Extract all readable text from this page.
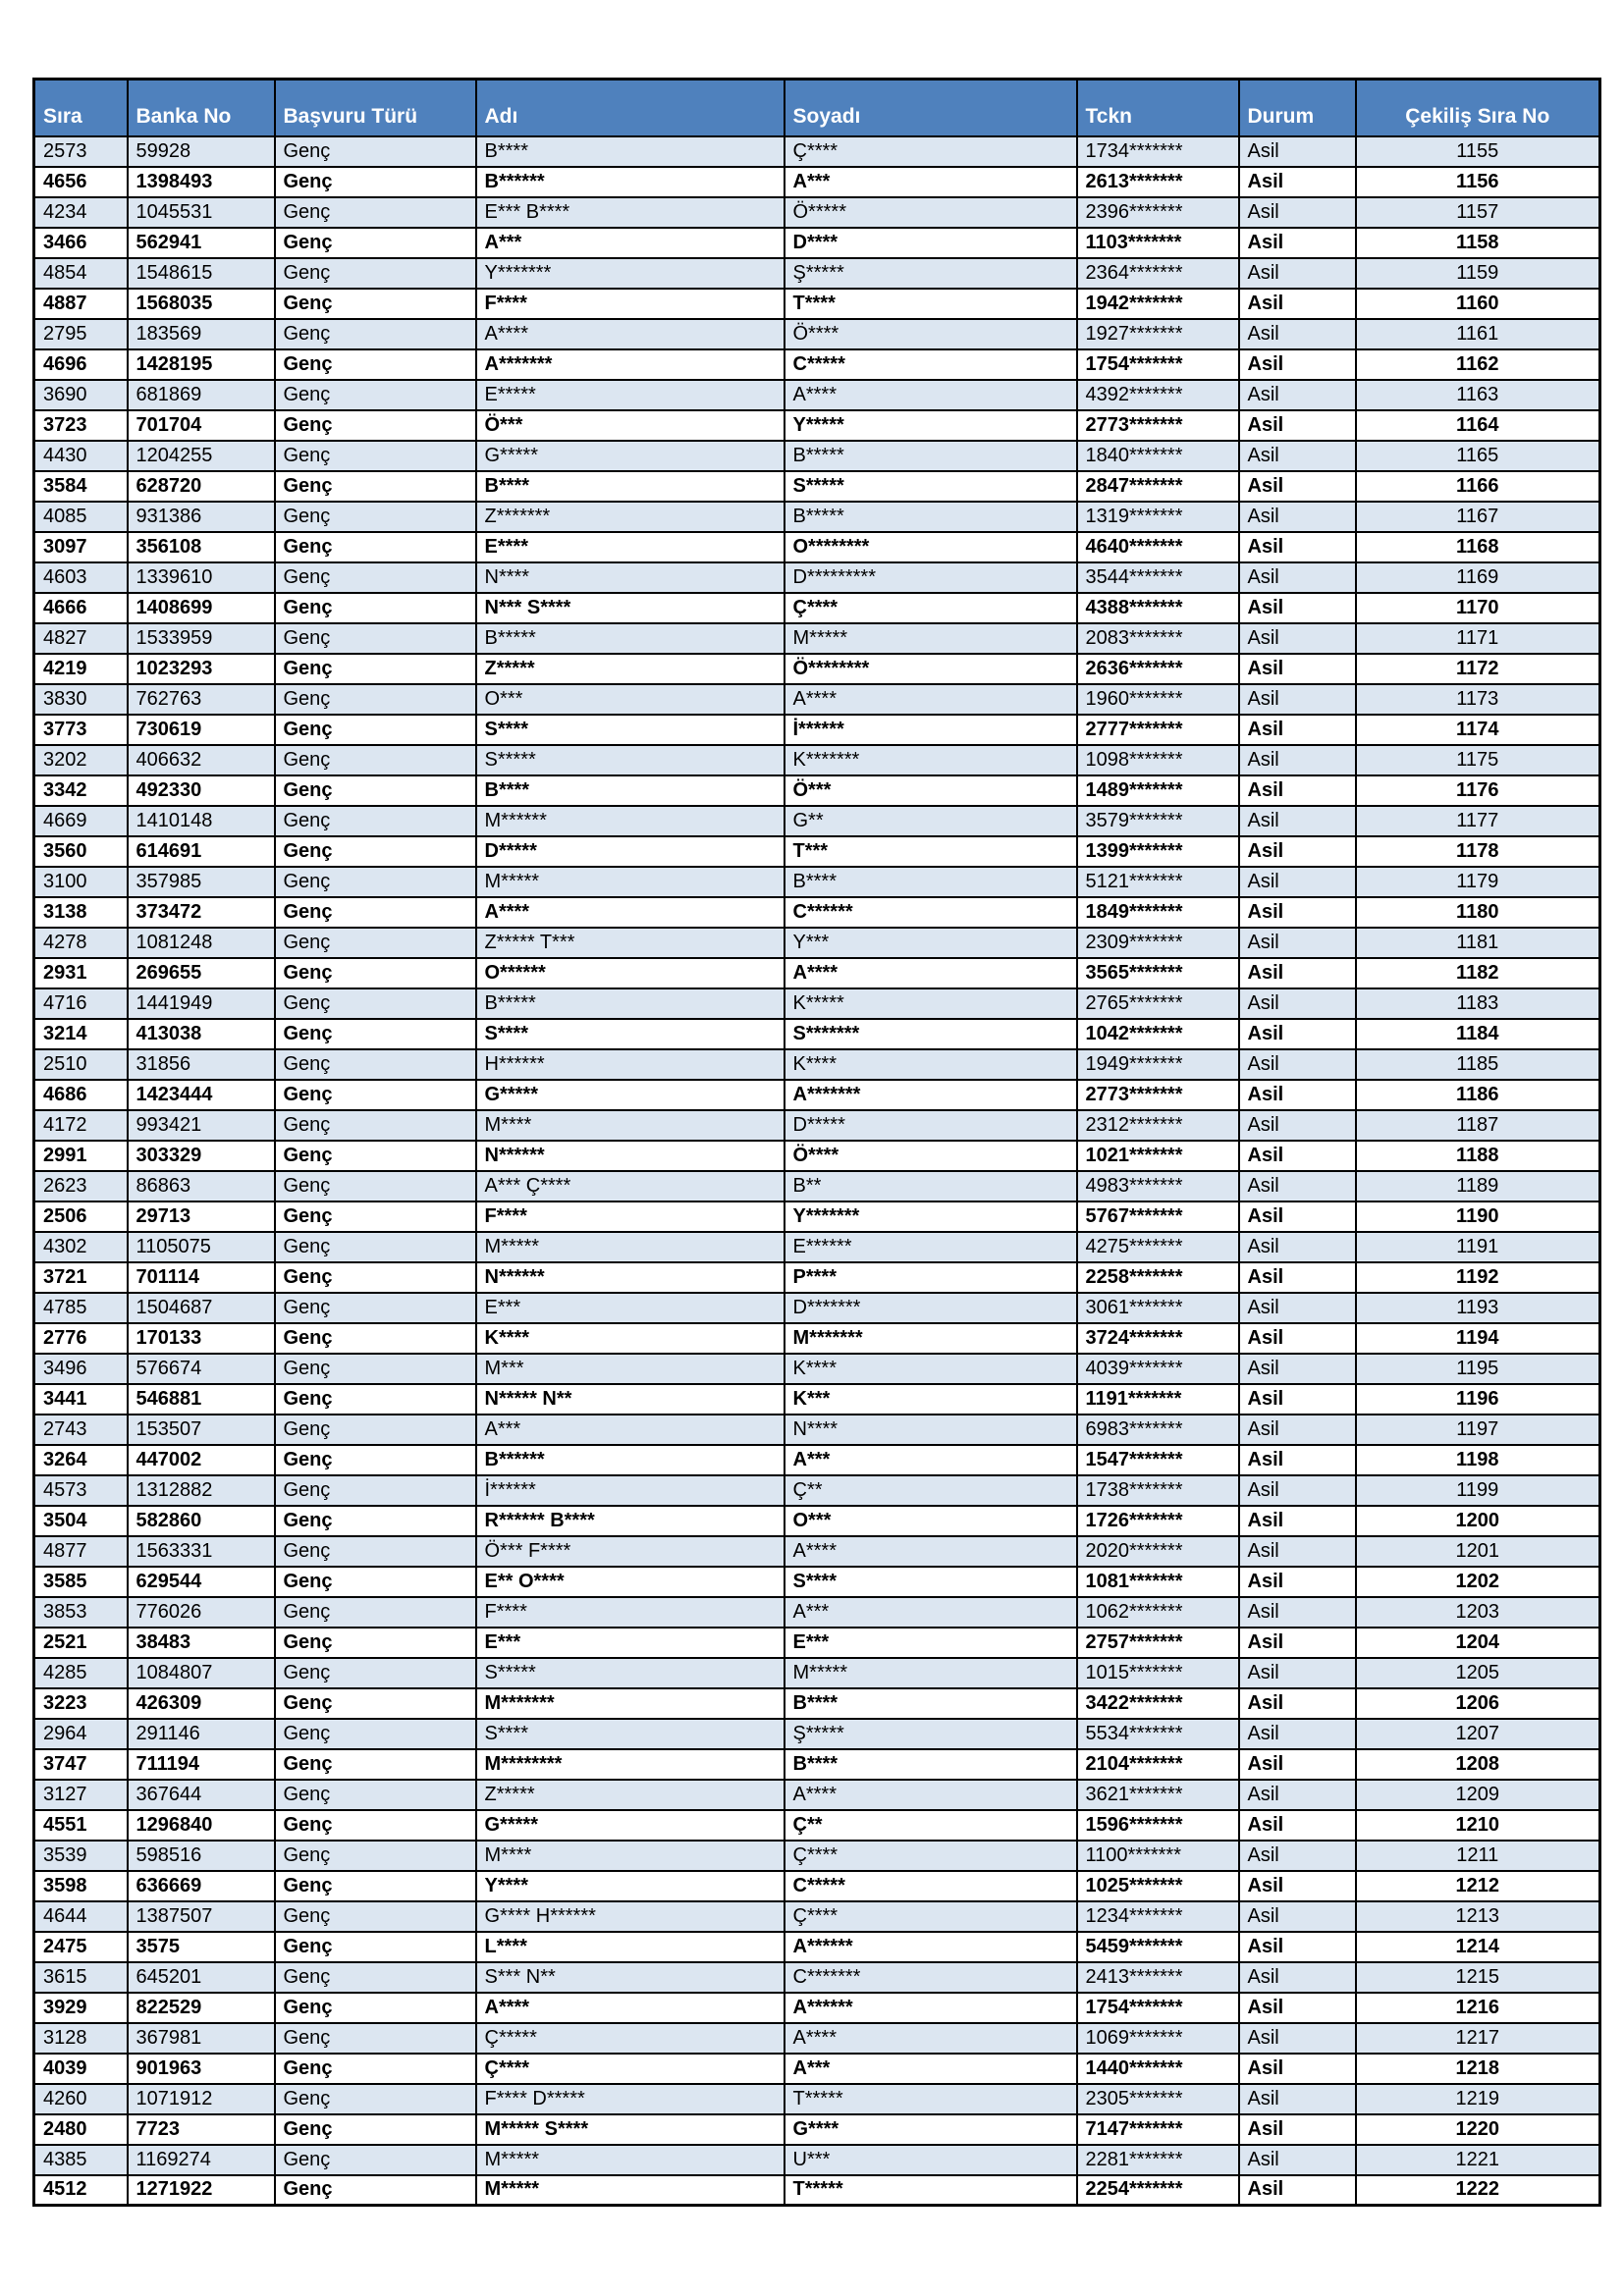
Sıra	Banka No	Başvuru Türü	Adı	Soyadı	Tckn	Durum	Çekiliş Sıra No
2573	59928	Genç	B****	Ç****	1734*******	Asil	1155
4656	1398493	Genç	B******	A***	2613*******	Asil	1156
4234	1045531	Genç	E*** B****	Ö*****	2396*******	Asil	1157
3466	562941	Genç	A***	D****	1103*******	Asil	1158
4854	1548615	Genç	Y*******	Ş*****	2364*******	Asil	1159
4887	1568035	Genç	F****	T****	1942*******	Asil	1160
2795	183569	Genç	A****	Ö****	1927*******	Asil	1161
4696	1428195	Genç	A*******	C*****	1754*******	Asil	1162
3690	681869	Genç	E*****	A****	4392*******	Asil	1163
3723	701704	Genç	Ö***	Y*****	2773*******	Asil	1164
4430	1204255	Genç	G*****	B*****	1840*******	Asil	1165
3584	628720	Genç	B****	S*****	2847*******	Asil	1166
4085	931386	Genç	Z*******	B*****	1319*******	Asil	1167
3097	356108	Genç	E****	O********	4640*******	Asil	1168
4603	1339610	Genç	N****	D*********	3544*******	Asil	1169
4666	1408699	Genç	N*** S****	Ç****	4388*******	Asil	1170
4827	1533959	Genç	B*****	M*****	2083*******	Asil	1171
4219	1023293	Genç	Z*****	Ö********	2636*******	Asil	1172
3830	762763	Genç	O***	A****	1960*******	Asil	1173
3773	730619	Genç	S****	İ******	2777*******	Asil	1174
3202	406632	Genç	S*****	K*******	1098*******	Asil	1175
3342	492330	Genç	B****	Ö***	1489*******	Asil	1176
4669	1410148	Genç	M******	G**	3579*******	Asil	1177
3560	614691	Genç	D*****	T***	1399*******	Asil	1178
3100	357985	Genç	M*****	B****	5121*******	Asil	1179
3138	373472	Genç	A****	C******	1849*******	Asil	1180
4278	1081248	Genç	Z***** T***	Y***	2309*******	Asil	1181
2931	269655	Genç	O******	A****	3565*******	Asil	1182
4716	1441949	Genç	B*****	K*****	2765*******	Asil	1183
3214	413038	Genç	S****	S*******	1042*******	Asil	1184
2510	31856	Genç	H******	K****	1949*******	Asil	1185
4686	1423444	Genç	G*****	A*******	2773*******	Asil	1186
4172	993421	Genç	M****	D*****	2312*******	Asil	1187
2991	303329	Genç	N******	Ö****	1021*******	Asil	1188
2623	86863	Genç	A*** Ç****	B**	4983*******	Asil	1189
2506	29713	Genç	F****	Y*******	5767*******	Asil	1190
4302	1105075	Genç	M*****	E******	4275*******	Asil	1191
3721	701114	Genç	N******	P****	2258*******	Asil	1192
4785	1504687	Genç	E***	D*******	3061*******	Asil	1193
2776	170133	Genç	K****	M*******	3724*******	Asil	1194
3496	576674	Genç	M***	K****	4039*******	Asil	1195
3441	546881	Genç	N***** N**	K***	1191*******	Asil	1196
2743	153507	Genç	A***	N****	6983*******	Asil	1197
3264	447002	Genç	B******	A***	1547*******	Asil	1198
4573	1312882	Genç	İ******	Ç**	1738*******	Asil	1199
3504	582860	Genç	R****** B****	O***	1726*******	Asil	1200
4877	1563331	Genç	Ö*** F****	A****	2020*******	Asil	1201
3585	629544	Genç	E** O****	S****	1081*******	Asil	1202
3853	776026	Genç	F****	A***	1062*******	Asil	1203
2521	38483	Genç	E***	E***	2757*******	Asil	1204
4285	1084807	Genç	S*****	M*****	1015*******	Asil	1205
3223	426309	Genç	M*******	B****	3422*******	Asil	1206
2964	291146	Genç	S****	Ş*****	5534*******	Asil	1207
3747	711194	Genç	M********	B****	2104*******	Asil	1208
3127	367644	Genç	Z*****	A****	3621*******	Asil	1209
4551	1296840	Genç	G*****	Ç**	1596*******	Asil	1210
3539	598516	Genç	M****	Ç****	1100*******	Asil	1211
3598	636669	Genç	Y****	C*****	1025*******	Asil	1212
4644	1387507	Genç	G**** H******	Ç****	1234*******	Asil	1213
2475	3575	Genç	L****	A******	5459*******	Asil	1214
3615	645201	Genç	S*** N**	C*******	2413*******	Asil	1215
3929	822529	Genç	A****	A******	1754*******	Asil	1216
3128	367981	Genç	Ç*****	A****	1069*******	Asil	1217
4039	901963	Genç	Ç****	A***	1440*******	Asil	1218
4260	1071912	Genç	F**** D*****	T*****	2305*******	Asil	1219
2480	7723	Genç	M***** S****	G****	7147*******	Asil	1220
4385	1169274	Genç	M*****	U***	2281*******	Asil	1221
4512	1271922	Genç	M*****	T*****	2254*******	Asil	1222
